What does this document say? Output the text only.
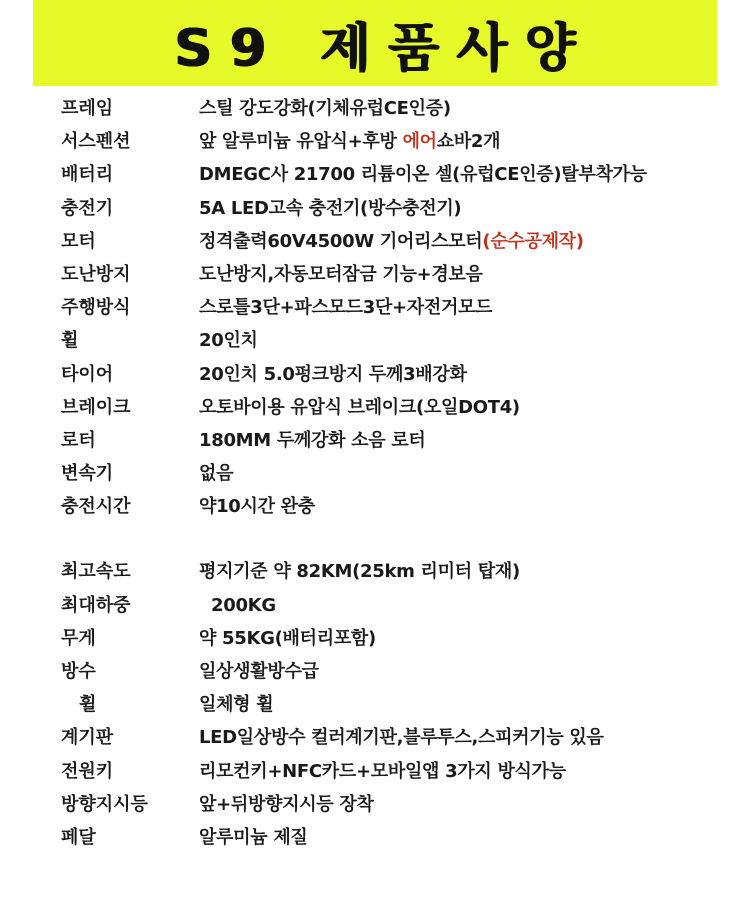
S9 제품사양
프레임	스틸 강도강화(기체유럽CE인증)
서스펜션	앞 알루미늄 유압식+후방 에어쇼바2개
배터리	DMEGC사 21700 리튬이온 셀(유럽CE인증)탈부착가능
충전기	5A LED고속 충전기(방수충전기)
모터	정격출력60V4500W 기어리스모터(순수공제작)
도난방지	도난방지,자동모터잠금 기능+경보음
주행방식	스로틀3단+파스모드3단+자전거모드
휠	20인치
타이어	20인치 5.0펑크방지 두께3배강화
브레이크	오토바이용 유압식 브레이크(오일DOT4)
로터	180MM 두께강화 소음 로터
변속기	없음
충전시간	약10시간 완충
최고속도	평지기준 약 82KM(25km 리미터 탑재)
최대하중	200KG
무게	약 55KG(배터리포함)
방수	일상생활방수급
휠	일체형 휠
계기판	LED일상방수 컬러계기판,블루투스,스피커기능 있음
전원키	리모컨키+NFC카드+모바일앱 3가지 방식가능
방향지시등	앞+뒤방향지시등 장착
페달	알루미늄 제질
